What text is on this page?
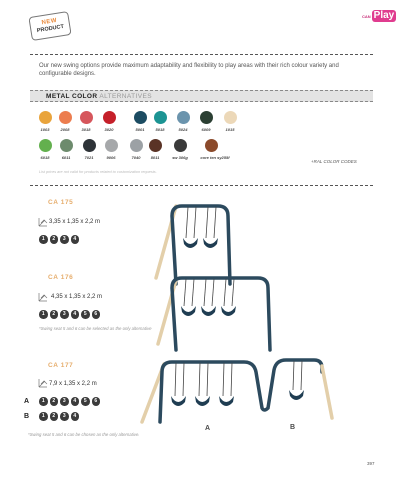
NEW
PRODUCT
CAN Play
Our new swing options provide maximum adaptability and flexibility to play areas with their rich colour variety and configurable designs.
METAL COLOR ALTERNATIVES
1003	2008	3018	3020	5001	5018	5024	6009	1015
6018	6011	7021	9006	7040	8011	sw 306g	core ten sy255f
+RAL COLOR CODES
List prices are not valid for products related to customization requests.
CA 175
3,35 x 1,35 x 2,2 m
1	2	3	4
CA 176
4,35 x 1,35 x 2,2 m
1	2	3	4	5	6
*Swing seat 5 and 6 can be selected as the only alternative
CA 177
7,9 x 1,35 x 2,2 m
A	1	2	3	4	5	6
B	1	2	3	4
*Swing seat 5 and 6 can be chosen as the only alternative.
A	B
397
